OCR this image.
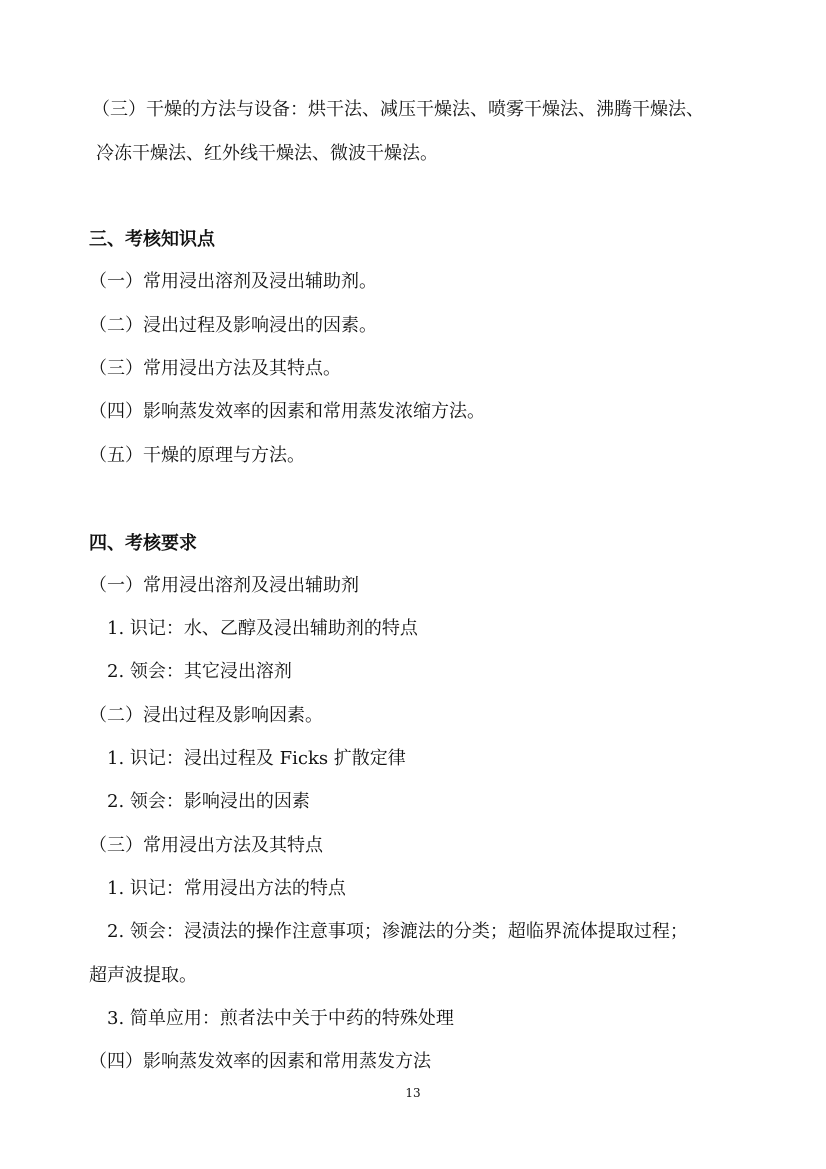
（三）干燥的方法与设备：烘干法、减压干燥法、喷雾干燥法、沸腾干燥法、
冷冻干燥法、红外线干燥法、微波干燥法。
三、考核知识点
（一）常用浸出溶剂及浸出辅助剂。
（二）浸出过程及影响浸出的因素。
（三）常用浸出方法及其特点。
（四）影响蒸发效率的因素和常用蒸发浓缩方法。
（五）干燥的原理与方法。
四、考核要求
（一）常用浸出溶剂及浸出辅助剂
1. 识记：水、乙醇及浸出辅助剂的特点
2. 领会：其它浸出溶剂
（二）浸出过程及影响因素。
1. 识记：浸出过程及 Ficks 扩散定律
2. 领会：影响浸出的因素
（三）常用浸出方法及其特点
1. 识记：常用浸出方法的特点
2. 领会：浸渍法的操作注意事项；渗漉法的分类；超临界流体提取过程；
超声波提取。
3. 简单应用：煎者法中关于中药的特殊处理
（四）影响蒸发效率的因素和常用蒸发方法
13
